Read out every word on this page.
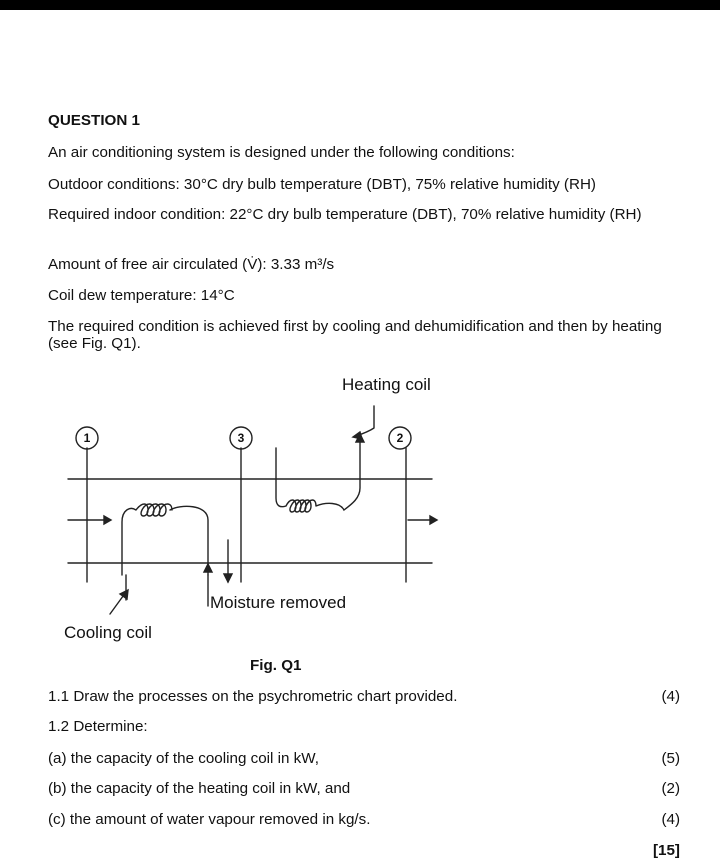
QUESTION 1
An air conditioning system is designed under the following conditions:
Outdoor conditions: 30°C dry bulb temperature (DBT), 75% relative humidity (RH)
Required indoor condition: 22°C dry bulb temperature (DBT), 70% relative humidity (RH)
Amount of free air circulated (V̇): 3.33 m³/s
Coil dew temperature: 14°C
The required condition is achieved first by cooling and dehumidification and then by heating (see Fig. Q1).
1	3	2
Heating coil
Moisture removed
Cooling coil
Fig. Q1
1.1 Draw the processes on the psychrometric chart provided.	(4)
1.2 Determine:
(a) the capacity of the cooling coil in kW,	(5)
(b) the capacity of the heating coil in kW, and	(2)
(c) the amount of water vapour removed in kg/s.	(4)
[15]
